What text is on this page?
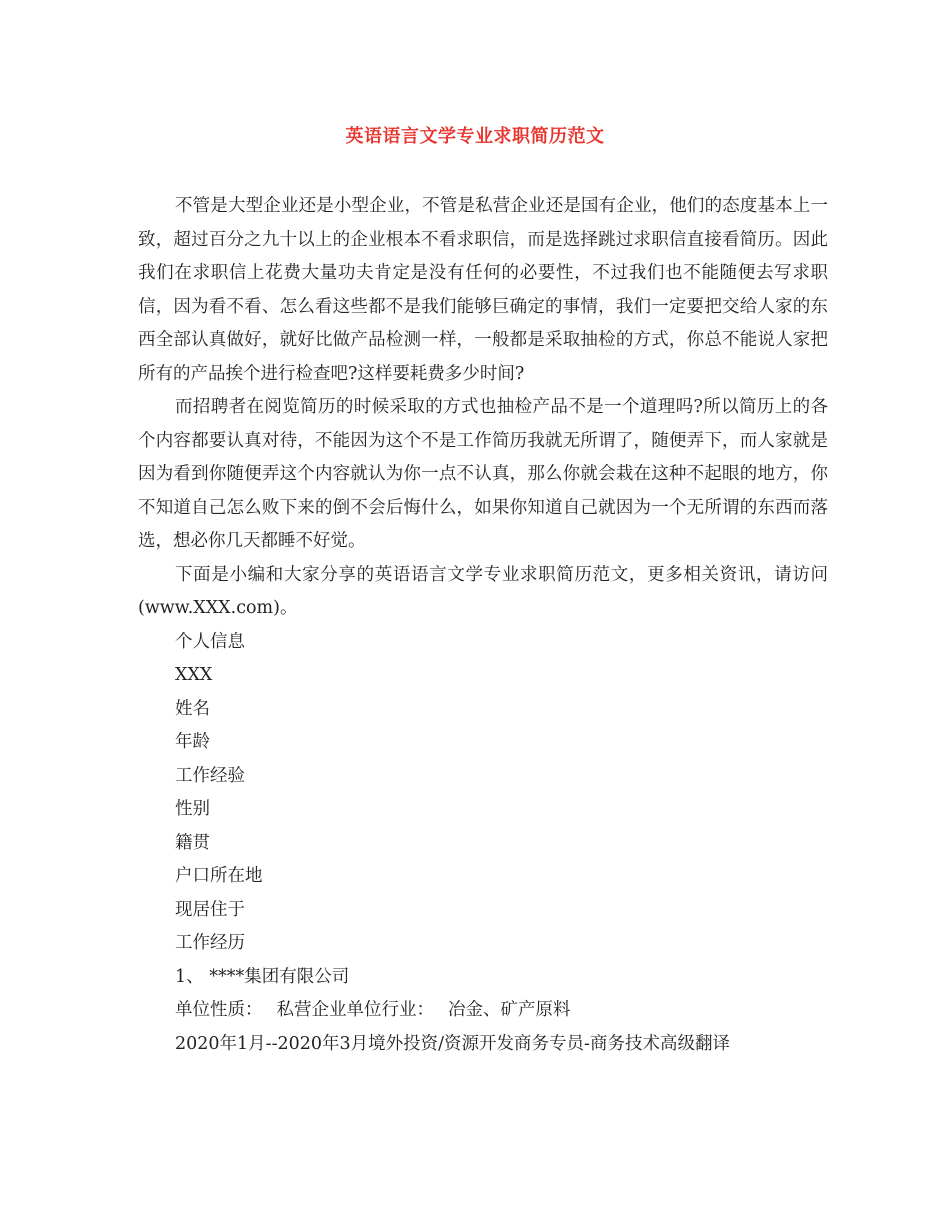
英语语言文学专业求职简历范文

不管是大型企业还是小型企业，不管是私营企业还是国有企业，他们的态度基本上一致，超过百分之九十以上的企业根本不看求职信，而是选择跳过求职信直接看简历。因此我们在求职信上花费大量功夫肯定是没有任何的必要性，不过我们也不能随便去写求职信，因为看不看、怎么看这些都不是我们能够巨确定的事情，我们一定要把交给人家的东西全部认真做好，就好比做产品检测一样，一般都是采取抽检的方式，你总不能说人家把所有的产品挨个进行检查吧?这样要耗费多少时间?

而招聘者在阅览简历的时候采取的方式也抽检产品不是一个道理吗?所以简历上的各个内容都要认真对待，不能因为这个不是工作简历我就无所谓了，随便弄下，而人家就是因为看到你随便弄这个内容就认为你一点不认真，那么你就会栽在这种不起眼的地方，你不知道自己怎么败下来的倒不会后悔什么，如果你知道自己就因为一个无所谓的东西而落选，想必你几天都睡不好觉。

下面是小编和大家分享的英语语言文学专业求职简历范文，更多相关资讯，请访问(www.XXX.com)。

个人信息

XXX

姓名

年龄

工作经验

性别

籍贯

户口所在地

现居住于

工作经历

1、 ****集团有限公司

单位性质： 私营企业单位行业： 冶金、矿产原料

2020年1月--2020年3月境外投资/资源开发商务专员-商务技术高级翻译
